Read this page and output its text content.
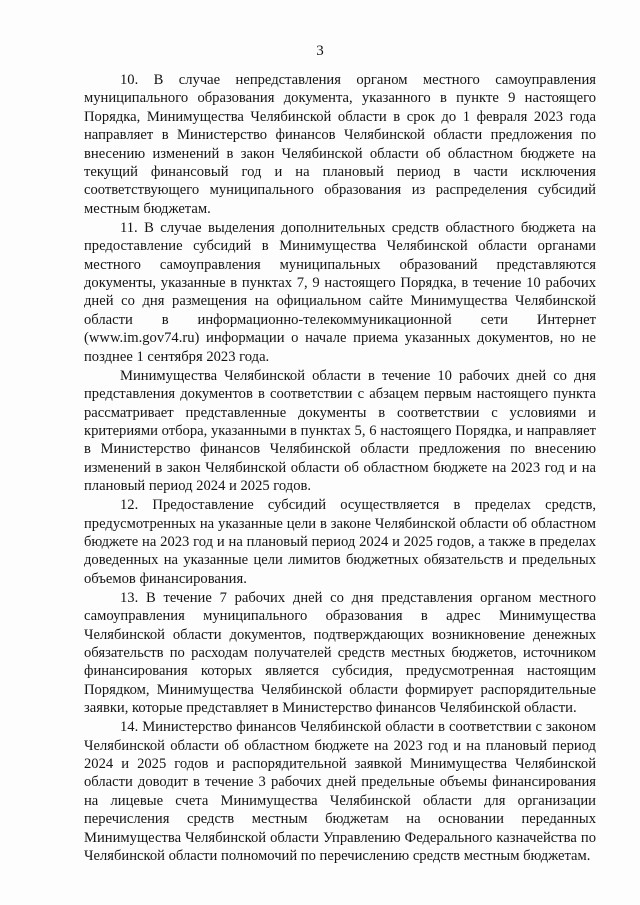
3

10. В случае непредставления органом местного самоуправления муниципального образования документа, указанного в пункте 9 настоящего Порядка, Минимущества Челябинской области в срок до 1 февраля 2023 года направляет в Министерство финансов Челябинской области предложения по внесению изменений в закон Челябинской области об областном бюджете на текущий финансовый год и на плановый период в части исключения соответствующего муниципального образования из распределения субсидий местным бюджетам.

11. В случае выделения дополнительных средств областного бюджета на предоставление субсидий в Минимущества Челябинской области органами местного самоуправления муниципальных образований представляются документы, указанные в пунктах 7, 9 настоящего Порядка, в течение 10 рабочих дней со дня размещения на официальном сайте Минимущества Челябинской области в информационно-телекоммуникационной сети Интернет (www.im.gov74.ru) информации о начале приема указанных документов, но не позднее 1 сентября 2023 года.

Минимущества Челябинской области в течение 10 рабочих дней со дня представления документов в соответствии с абзацем первым настоящего пункта рассматривает представленные документы в соответствии с условиями и критериями отбора, указанными в пунктах 5, 6 настоящего Порядка, и направляет в Министерство финансов Челябинской области предложения по внесению изменений в закон Челябинской области об областном бюджете на 2023 год и на плановый период 2024 и 2025 годов.

12. Предоставление субсидий осуществляется в пределах средств, предусмотренных на указанные цели в законе Челябинской области об областном бюджете на 2023 год и на плановый период 2024 и 2025 годов, а также в пределах доведенных на указанные цели лимитов бюджетных обязательств и предельных объемов финансирования.

13. В течение 7 рабочих дней со дня представления органом местного самоуправления муниципального образования в адрес Минимущества Челябинской области документов, подтверждающих возникновение денежных обязательств по расходам получателей средств местных бюджетов, источником финансирования которых является субсидия, предусмотренная настоящим Порядком, Минимущества Челябинской области формирует распорядительные заявки, которые представляет в Министерство финансов Челябинской области.

14. Министерство финансов Челябинской области в соответствии с законом Челябинской области об областном бюджете на 2023 год и на плановый период 2024 и 2025 годов и распорядительной заявкой Минимущества Челябинской области доводит в течение 3 рабочих дней предельные объемы финансирования на лицевые счета Минимущества Челябинской области для организации перечисления средств местным бюджетам на основании переданных Минимущества Челябинской области Управлению Федерального казначейства по Челябинской области полномочий по перечислению средств местным бюджетам.
